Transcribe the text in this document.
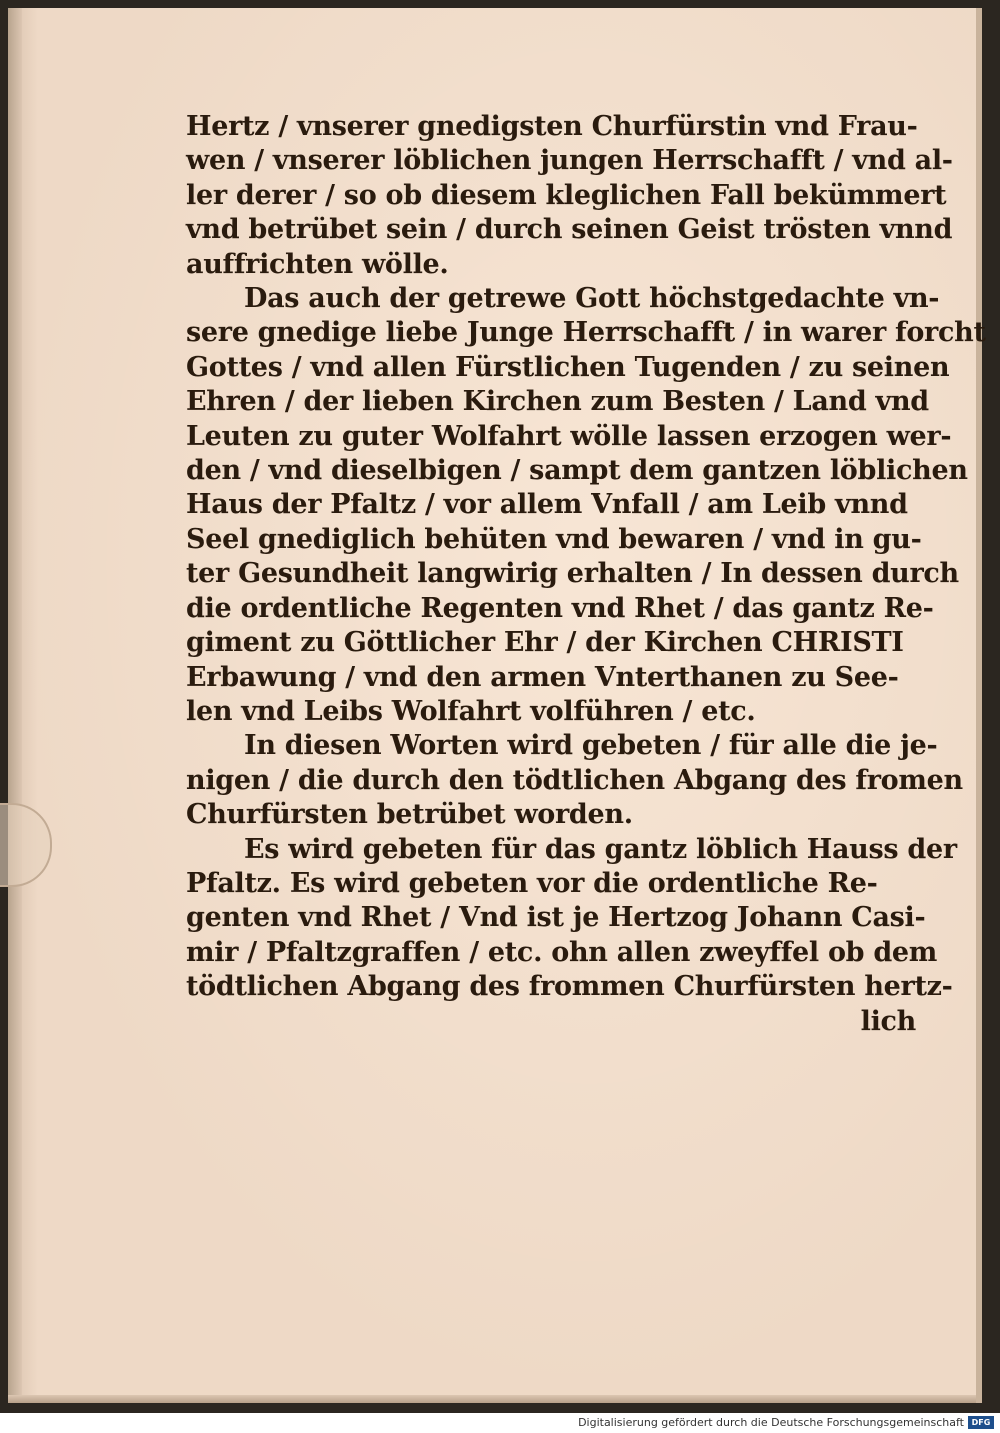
Hertz / vnserer gnedigsten Churfürstin vnd Frau-
wen / vnserer löblichen jungen Herrschafft / vnd al-
ler derer / so ob diesem kleglichen Fall bekümmert
vnd betrübet sein / durch seinen Geist trösten vnnd
auffrichten wölle.
Das auch der getrewe Gott höchstgedachte vn-
sere gnedige liebe Junge Herrschafft / in warer forcht
Gottes / vnd allen Fürstlichen Tugenden / zu seinen
Ehren / der lieben Kirchen zum Besten / Land vnd
Leuten zu guter Wolfahrt wölle lassen erzogen wer-
den / vnd dieselbigen / sampt dem gantzen löblichen
Haus der Pfaltz / vor allem Vnfall / am Leib vnnd
Seel gnediglich behüten vnd bewaren / vnd in gu-
ter Gesundheit langwirig erhalten / In dessen durch
die ordentliche Regenten vnd Rhet / das gantz Re-
giment zu Göttlicher Ehr / der Kirchen CHRISTI
Erbawung / vnd den armen Vnterthanen zu See-
len vnd Leibs Wolfahrt volführen / etc.
In diesen Worten wird gebeten / für alle die je-
nigen / die durch den tödtlichen Abgang des fromen
Churfürsten betrübet worden.
Es wird gebeten für das gantz löblich Hauss der
Pfaltz. Es wird gebeten vor die ordentliche Re-
genten vnd Rhet / Vnd ist je Hertzog Johann Casi-
mir / Pfaltzgraffen / etc. ohn allen zweyffel ob dem
tödtlichen Abgang des frommen Churfürsten hertz-
lich
Digitalisierung gefördert durch die Deutsche Forschungsgemeinschaft DFG
